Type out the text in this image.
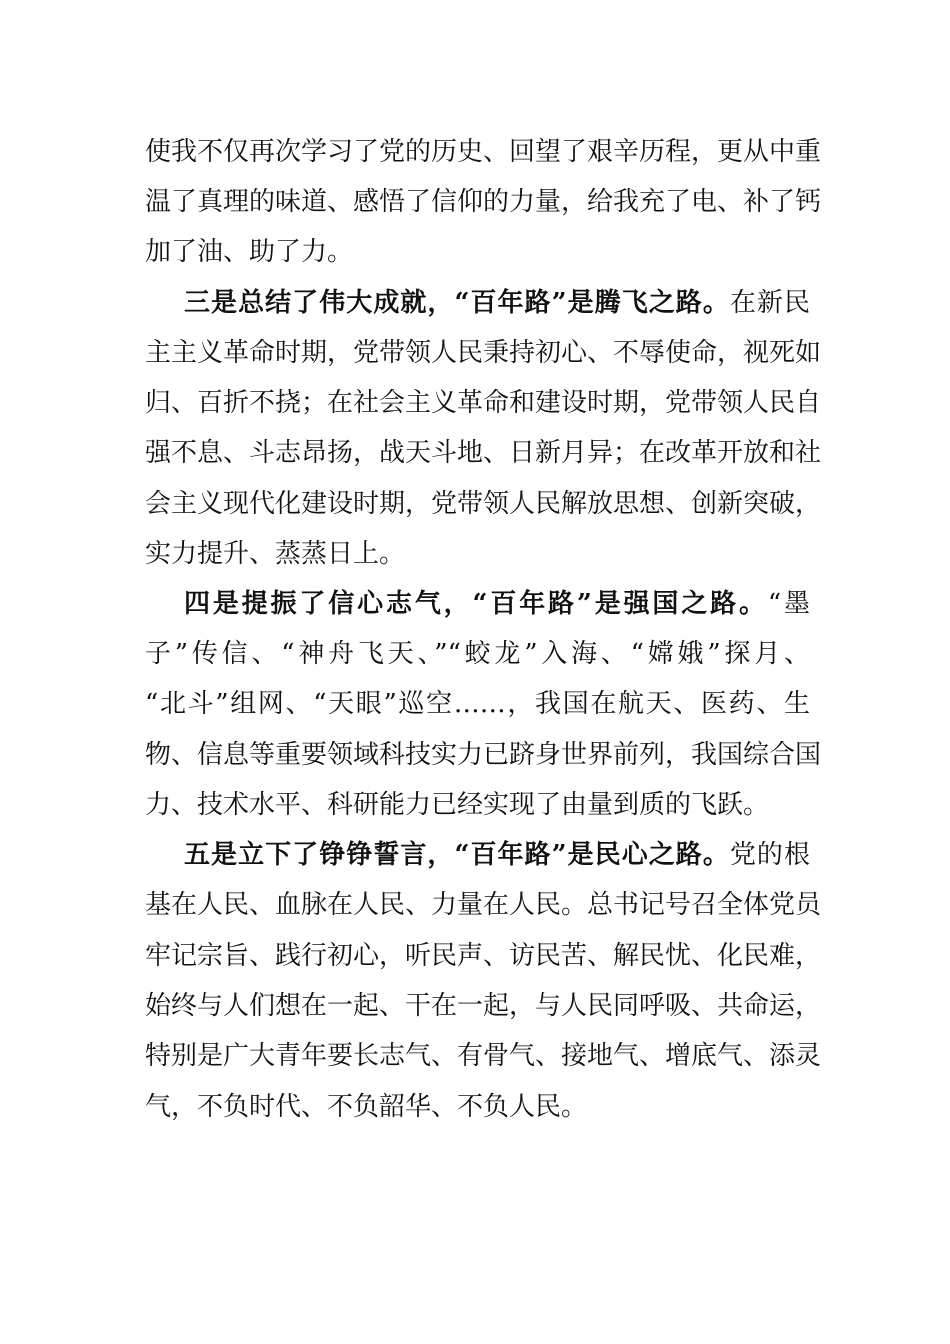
使我不仅再次学习了党的历史、回望了艰辛历程，更从中重
温了真理的味道、感悟了信仰的力量，给我充了电、补了钙
加了油、助了力。
三是总结了伟大成就，“百年路”是腾飞之路。在新民
主主义革命时期，党带领人民秉持初心、不辱使命，视死如
归、百折不挠；在社会主义革命和建设时期，党带领人民自
强不息、斗志昂扬，战天斗地、日新月异；在改革开放和社
会主义现代化建设时期，党带领人民解放思想、创新突破，
实力提升、蒸蒸日上。
四是提振了信心志气，“百年路”是强国之路。“墨
子”传信、“神舟飞天、”“蛟龙”入海、“嫦娥”探月、
“北斗”组网、“天眼”巡空……，我国在航天、医药、生
物、信息等重要领域科技实力已跻身世界前列，我国综合国
力、技术水平、科研能力已经实现了由量到质的飞跃。
五是立下了铮铮誓言，“百年路”是民心之路。党的根
基在人民、血脉在人民、力量在人民。总书记号召全体党员
牢记宗旨、践行初心，听民声、访民苦、解民忧、化民难，
始终与人们想在一起、干在一起，与人民同呼吸、共命运，
特别是广大青年要长志气、有骨气、接地气、增底气、添灵
气，不负时代、不负韶华、不负人民。
